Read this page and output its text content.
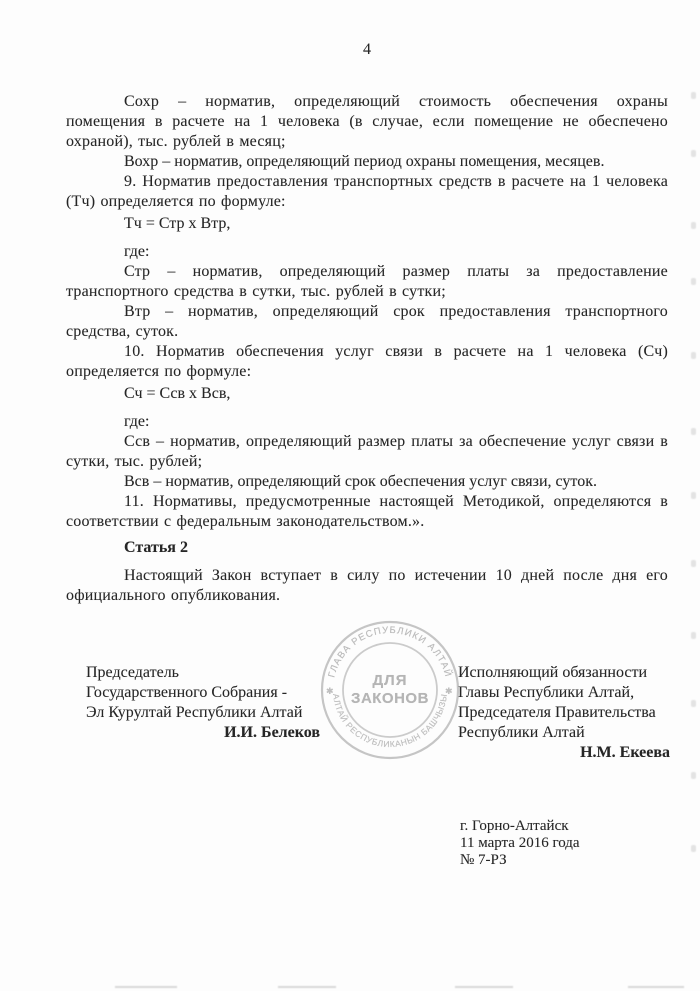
4

Сохр – норматив, определяющий стоимость обеспечения охраны помещения в расчете на 1 человека (в случае, если помещение не обеспечено охраной), тыс. рублей в месяц;

Вохр – норматив, определяющий период охраны помещения, месяцев.

9. Норматив предоставления транспортных средств в расчете на 1 человека (Тч) определяется по формуле:

Тч = Стр х Втр,

где:

Стр – норматив, определяющий размер платы за предоставление транспортного средства в сутки, тыс. рублей в сутки;

Втр – норматив, определяющий срок предоставления транспортного средства, суток.

10. Норматив обеспечения услуг связи в расчете на 1 человека (Сч) определяется по формуле:

Сч = Ссв х Всв,

где:

Ссв – норматив, определяющий размер платы за обеспечение услуг связи в сутки, тыс. рублей;

Всв – норматив, определяющий срок обеспечения услуг связи, суток.

11. Нормативы, предусмотренные настоящей Методикой, определяются в соответствии с федеральным законодательством.».

Статья 2

Настоящий Закон вступает в силу по истечении 10 дней после дня его официального опубликования.

ГЛАВА РЕСПУБЛИКИ АЛТАЙ
АЛТАЙ РЕСПУБЛИКАНЫН БАШЧЫЗЫ
✱	✱
ДЛЯ
ЗАКОНОВ
Председатель
Государственного Собрания -
Эл Курултай Республики Алтай
И.И. Белеков
Исполняющий обязанности
Главы Республики Алтай,
Председателя Правительства
Республики Алтай
Н.М. Екеева
г. Горно-Алтайск
11 марта 2016 года
№ 7-РЗ
